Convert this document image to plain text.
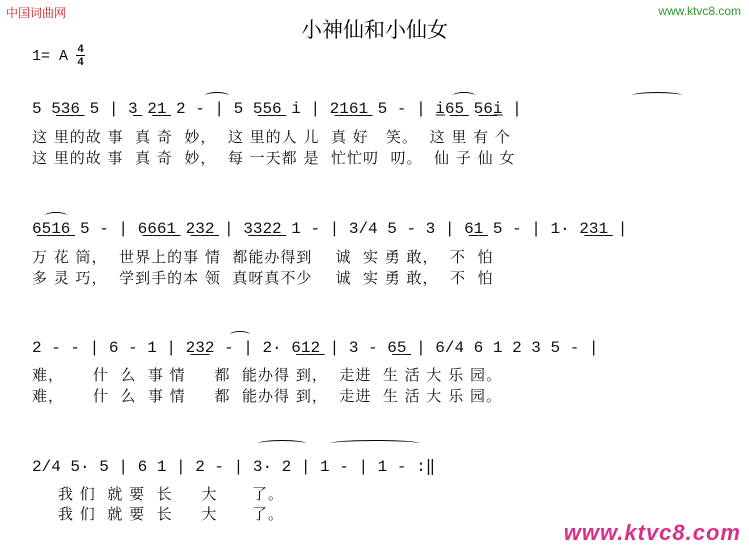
中国词曲网	www.ktvc8.com
小神仙和小仙女
1= A 4
4
5 5̲3̲6̲ 5 | 3̲ 2̲1̲ 2 - | 5 5̲5̲6̲ i | 2̲1̲6̲1̲ 5 - | i̲6̲5̲ 5̲6̲i̲ |
这 里的故 事  真 奇  妙，  这 里的人 儿  真 好   笑。  这 里 有 个
这 里的故 事  真 奇  妙，  每 一天都 是  忙忙叨  叨。  仙 子 仙 女
6̲5̲1̲6̲ 5 - | 6̲6̲6̲1̲ 2̲3̲2̲ | 3̲3̲2̲2̲ 1 - | 3/4 5 - 3 | 6̲1̲ 5 - | 1· 2̲3̲1̲ |
万 花 筒，  世界上的事 情  都能办得到    诚  实 勇 敢，  不  怕
多 灵 巧，  学到手的本 领  真呀真不少    诚  实 勇 敢，  不  怕
2 - - | 6 - 1 | 2̲3̲2 - | 2· 6̲1̲2̲ | 3 - 6̲5̲ | 6/4 6 1 2 3 5 - |
难，     什  么  事 情     都  能办得 到，  走进  生 活 大 乐 园。
难，     什  么  事 情     都  能办得 到，  走进  生 活 大 乐 园。
2/4 5· 5 | 6 1 | 2 - | 3· 2 | 1 - | 1 - :‖
我 们  就 要  长     大      了。
我 们  就 要  长     大      了。
www.ktvc8.com
